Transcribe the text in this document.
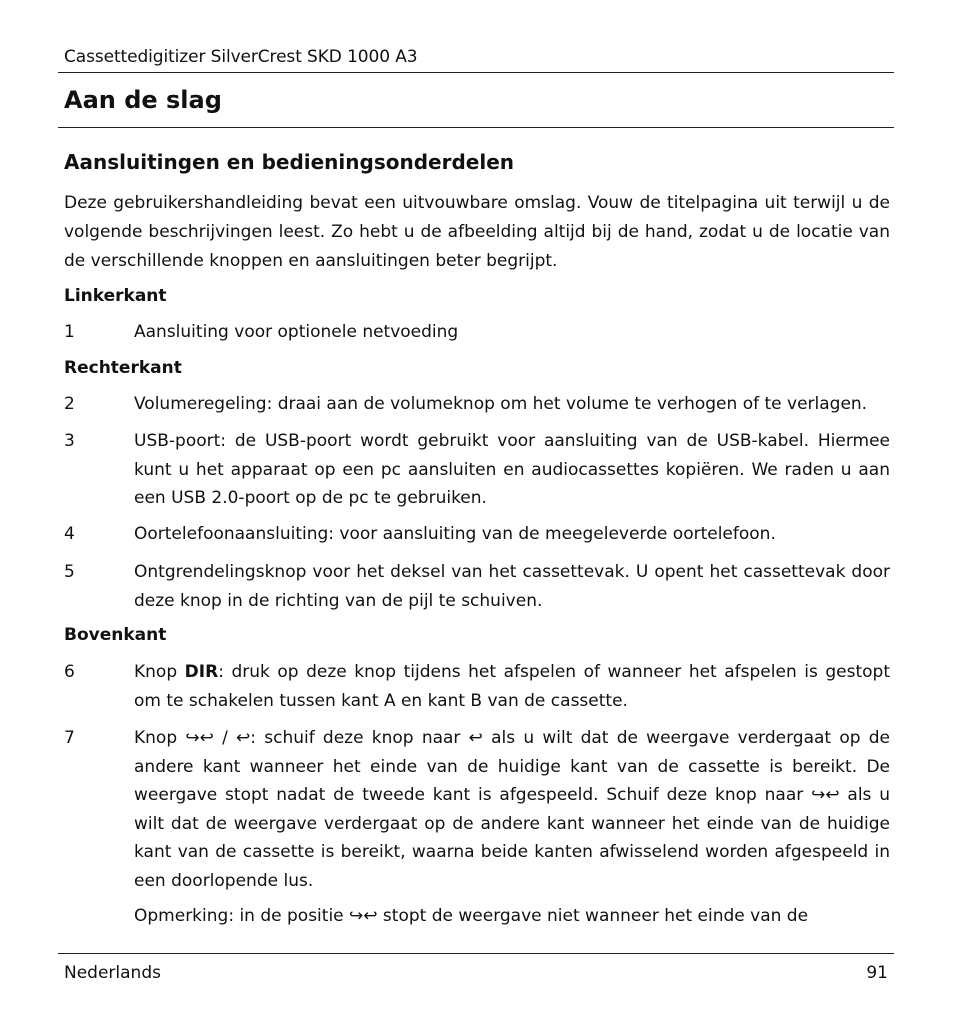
Cassettedigitizer SilverCrest SKD 1000 A3
Aan de slag
Aansluitingen en bedieningsonderdelen
Deze gebruikershandleiding bevat een uitvouwbare omslag. Vouw de titelpagina uit terwijl u de volgende beschrijvingen leest. Zo hebt u de afbeelding altijd bij de hand, zodat u de locatie van de verschillende knoppen en aansluitingen beter begrijpt.
Linkerkant
1	Aansluiting voor optionele netvoeding
Rechterkant
2	Volumeregeling: draai aan de volumeknop om het volume te verhogen of te verlagen.
3	USB-poort: de USB-poort wordt gebruikt voor aansluiting van de USB-kabel. Hiermee kunt u het apparaat op een pc aansluiten en audiocassettes kopiëren. We raden u aan een USB 2.0-poort op de pc te gebruiken.
4	Oortelefoonaansluiting: voor aansluiting van de meegeleverde oortelefoon.
5	Ontgrendelingsknop voor het deksel van het cassettevak. U opent het cassettevak door deze knop in de richting van de pijl te schuiven.
Bovenkant
6	Knop DIR: druk op deze knop tijdens het afspelen of wanneer het afspelen is gestopt om te schakelen tussen kant A en kant B van de cassette.
7	Knop ↪↩ / ↩: schuif deze knop naar ↩ als u wilt dat de weergave verdergaat op de andere kant wanneer het einde van de huidige kant van de cassette is bereikt. De weergave stopt nadat de tweede kant is afgespeeld. Schuif deze knop naar ↪↩ als u wilt dat de weergave verdergaat op de andere kant wanneer het einde van de huidige kant van de cassette is bereikt, waarna beide kanten afwisselend worden afgespeeld in een doorlopende lus.
Opmerking: in de positie ↪↩ stopt de weergave niet wanneer het einde van de
Nederlands	91
